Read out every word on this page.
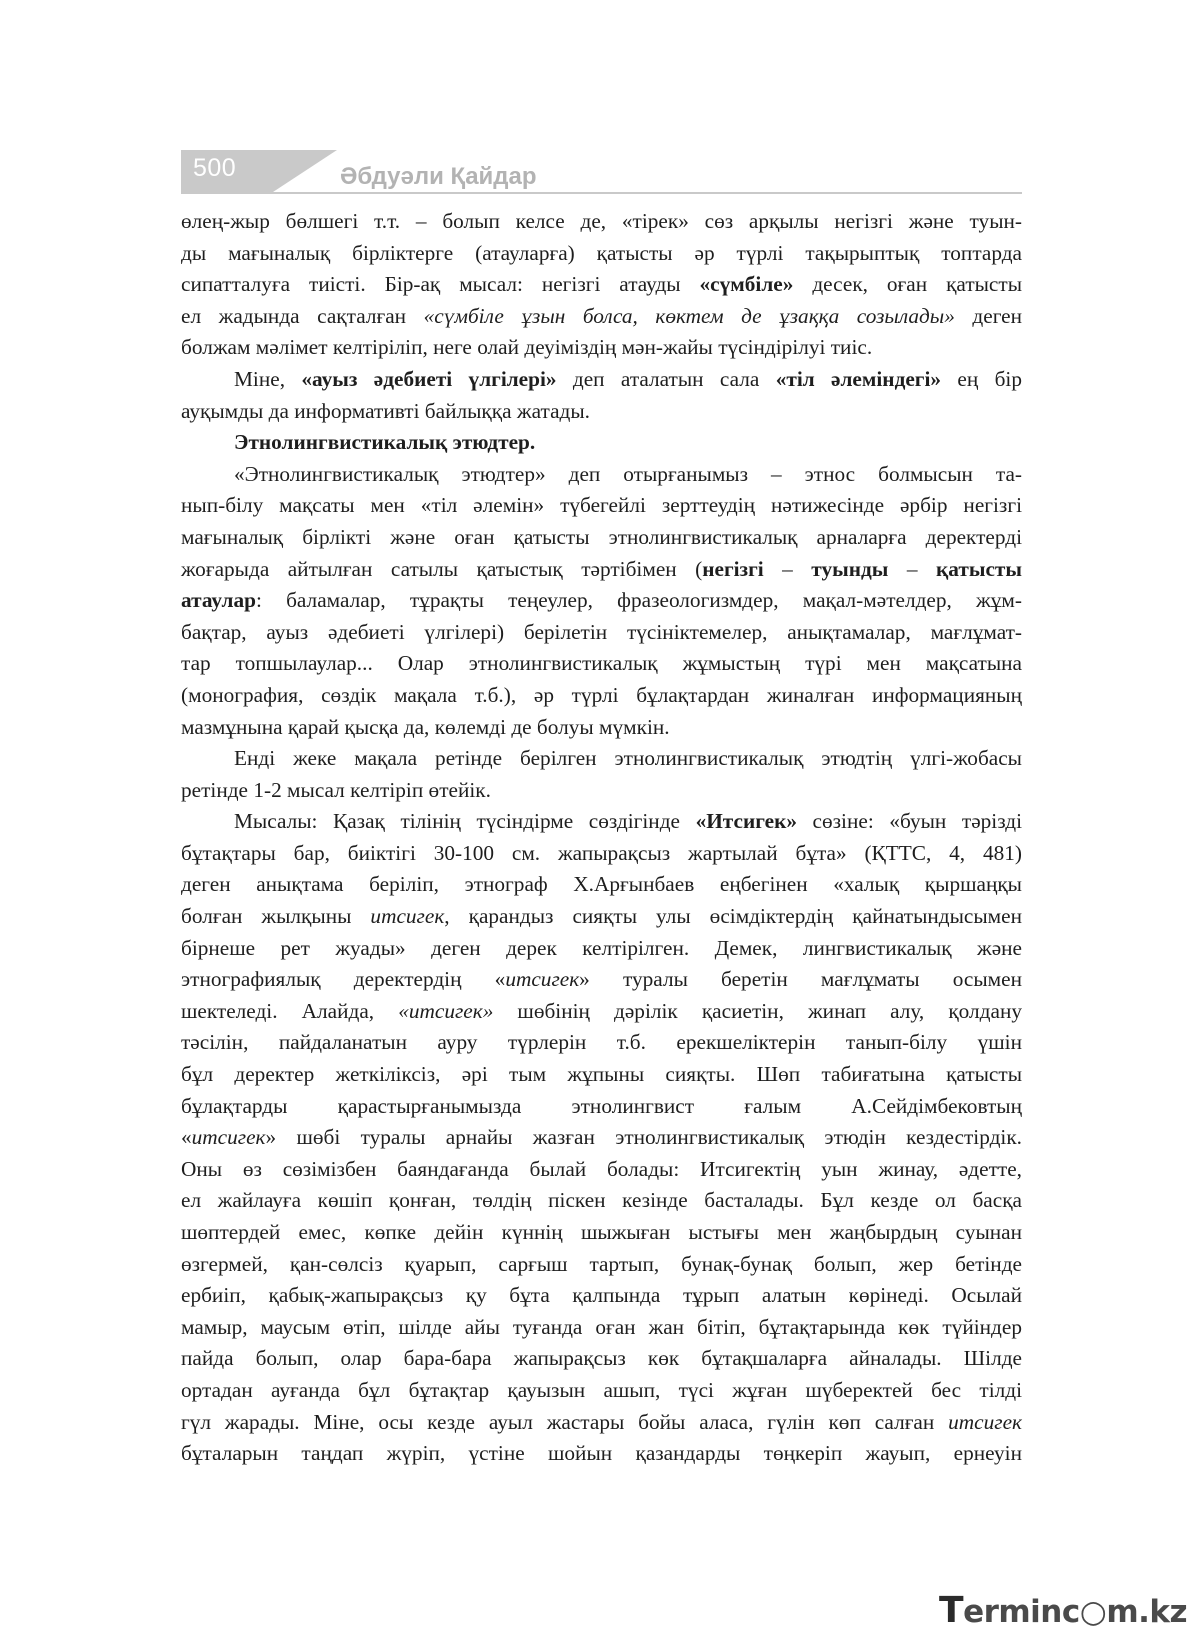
500	Әбдуәли Қайдар

өлең-жыр бөлшегі т.т. – болып келсе де, «тірек» сөз арқылы негізгі және туын-

ды мағыналық бірліктерге (атауларға) қатысты әр түрлі тақырыптық топтарда

сипатталуға тиісті. Бір-ақ мысал: негізгі атауды «сүмбіле» десек, оған қатысты

ел жадында сақталған «сүмбіле ұзын болса, көктем де ұзаққа созылады» деген

болжам мәлімет келтіріліп, неге олай деуіміздің мән-жайы түсіндірілуі тиіс.

Міне, «ауыз әдебиеті үлгілері» деп аталатын сала «тіл әлеміндегі» ең бір

ауқымды да информативті байлыққа жатады.

Этнолингвистикалық этюдтер.

«Этнолингвистикалық этюдтер» деп отырғанымыз – этнос болмысын та-

нып-білу мақсаты мен «тіл әлемін» түбегейлі зерттеудің нәтижесінде әрбір негізгі

мағыналық бірлікті және оған қатысты этнолингвистикалық арналарға деректерді

жоғарыда айтылған сатылы қатыстық тәртібімен (негізгі – туынды – қатысты

атаулар: баламалар, тұрақты теңеулер, фразеологизмдер, мақал-мәтелдер, жұм-

бақтар, ауыз әдебиеті үлгілері) берілетін түсініктемелер, анықтамалар, мағлұмат-

тар топшылаулар... Олар этнолингвистикалық жұмыстың түрі мен мақсатына

(монография, сөздік мақала т.б.), әр түрлі бұлақтардан жиналған информацияның

мазмұнына қарай қысқа да, көлемді де болуы мүмкін.

Енді жеке мақала ретінде берілген этнолингвистикалық этюдтің үлгі-жобасы

ретінде 1-2 мысал келтіріп өтейік.

Мысалы: Қазақ тілінің түсіндірме сөздігінде «Итсигек» сөзіне: «буын тәрізді

бұтақтары бар, биіктігі 30-100 см. жапырақсыз жартылай бұта» (ҚТТС, 4, 481)

деген анықтама беріліп, этнограф Х.Арғынбаев еңбегінен «халық қыршаңқы

болған жылқыны итсигек, қарандыз сияқты улы өсімдіктердің қайнатындысымен

бірнеше рет жуады» деген дерек келтірілген. Демек, лингвистикалық және

этнографиялық деректердің «итсигек» туралы беретін мағлұматы осымен

шектеледі. Алайда, «итсигек» шөбінің дәрілік қасиетін, жинап алу, қолдану

тәсілін, пайдаланатын ауру түрлерін т.б. ерекшеліктерін танып-білу үшін

бұл деректер жеткіліксіз, әрі тым жұпыны сияқты. Шөп табиғатына қатысты

бұлақтарды қарастырғанымызда этнолингвист ғалым А.Сейдімбековтың

«итсигек» шөбі туралы арнайы жазған этнолингвистикалық этюдін кездестірдік.

Оны өз сөзімізбен баяндағанда былай болады: Итсигектің уын жинау, әдетте,

ел жайлауға көшіп қонған, төлдің піскен кезінде басталады. Бұл кезде ол басқа

шөптердей емес, көпке дейін күннің шыжыған ыстығы мен жаңбырдың суынан

өзгермей, қан-сөлсіз қуарып, сарғыш тартып, бунақ-бунақ болып, жер бетінде

ербиіп, қабық-жапырақсыз қу бұта қалпында тұрып алатын көрінеді. Осылай

мамыр, маусым өтіп, шілде айы туғанда оған жан бітіп, бұтақтарында көк түйіндер

пайда болып, олар бара-бара жапырақсыз көк бұтақшаларға айналады. Шілде

ортадан ауғанда бұл бұтақтар қауызын ашып, түсі жұған шүберектей бес тілді

гүл жарады. Міне, осы кезде ауыл жастары бойы аласа, гүлін көп салған итсигек

бұталарын таңдап жүріп, үстіне шойын қазандарды төңкеріп жауып, ернеуін

Terminc○m.kz
